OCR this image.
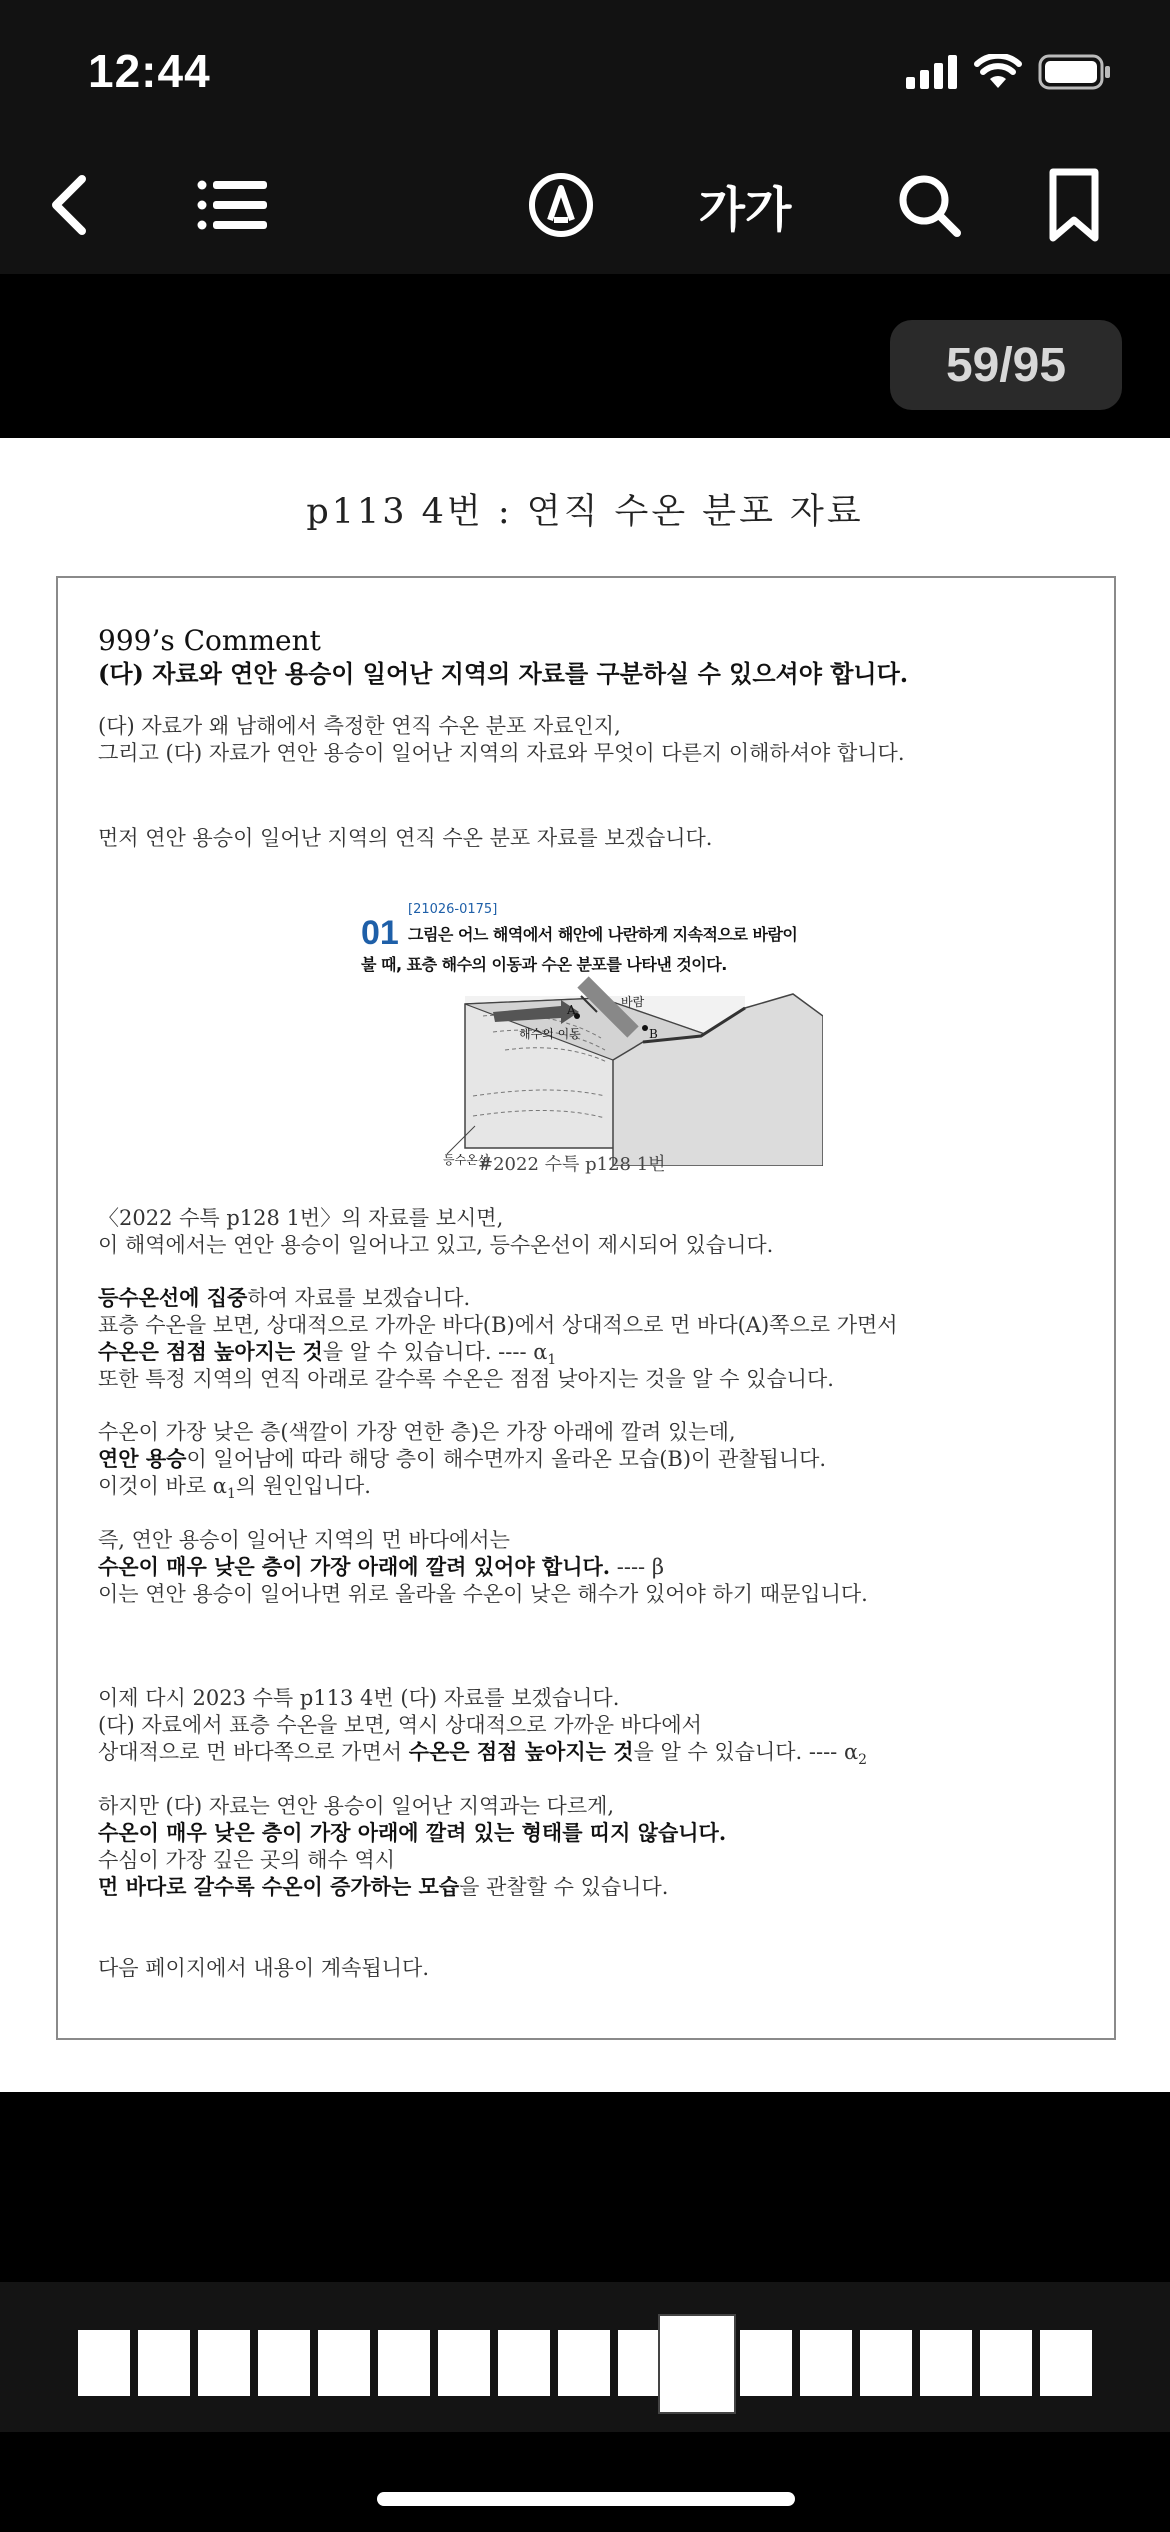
12:44
가가
59/95
p113 4번 : 연직 수온 분포 자료
999’s Comment
(다) 자료와 연안 용승이 일어난 지역의 자료를 구분하실 수 있으셔야 합니다.
(다) 자료가 왜 남해에서 측정한 연직 수온 분포 자료인지,
그리고 (다) 자료가 연안 용승이 일어난 지역의 자료와 무엇이 다른지 이해하셔야 합니다.
먼저 연안 용승이 일어난 지역의 연직 수온 분포 자료를 보겠습니다.
[21026-0175]
01 그림은 어느 해역에서 해안에 나란하게 지속적으로 바람이
불 때, 표층 해수의 이동과 수온 분포를 나타낸 것이다.
A
B
바람
해수의 이동
등수온선
#2022 수특 p128 1번
〈2022 수특 p128 1번〉의 자료를 보시면,
이 해역에서는 연안 용승이 일어나고 있고, 등수온선이 제시되어 있습니다.
등수온선에 집중하여 자료를 보겠습니다.
표층 수온을 보면, 상대적으로 가까운 바다(B)에서 상대적으로 먼 바다(A)쪽으로 가면서
수온은 점점 높아지는 것을 알 수 있습니다. ---- $\alpha_1$
또한 특정 지역의 연직 아래로 갈수록 수온은 점점 낮아지는 것을 알 수 있습니다.
수온이 가장 낮은 층(색깔이 가장 연한 층)은 가장 아래에 깔려 있는데,
연안 용승이 일어남에 따라 해당 층이 해수면까지 올라온 모습(B)이 관찰됩니다.
이것이 바로 $\alpha_1$의 원인입니다.
즉, 연안 용승이 일어난 지역의 먼 바다에서는
수온이 매우 낮은 층이 가장 아래에 깔려 있어야 합니다. ---- β
이는 연안 용승이 일어나면 위로 올라올 수온이 낮은 해수가 있어야 하기 때문입니다.
이제 다시 2023 수특 p113 4번 (다) 자료를 보겠습니다.
(다) 자료에서 표층 수온을 보면, 역시 상대적으로 가까운 바다에서
상대적으로 먼 바다쪽으로 가면서 수온은 점점 높아지는 것을 알 수 있습니다. ---- $\alpha_2$
하지만 (다) 자료는 연안 용승이 일어난 지역과는 다르게,
수온이 매우 낮은 층이 가장 아래에 깔려 있는 형태를 띠지 않습니다.
수심이 가장 깊은 곳의 해수 역시
먼 바다로 갈수록 수온이 증가하는 모습을 관찰할 수 있습니다.
다음 페이지에서 내용이 계속됩니다.
